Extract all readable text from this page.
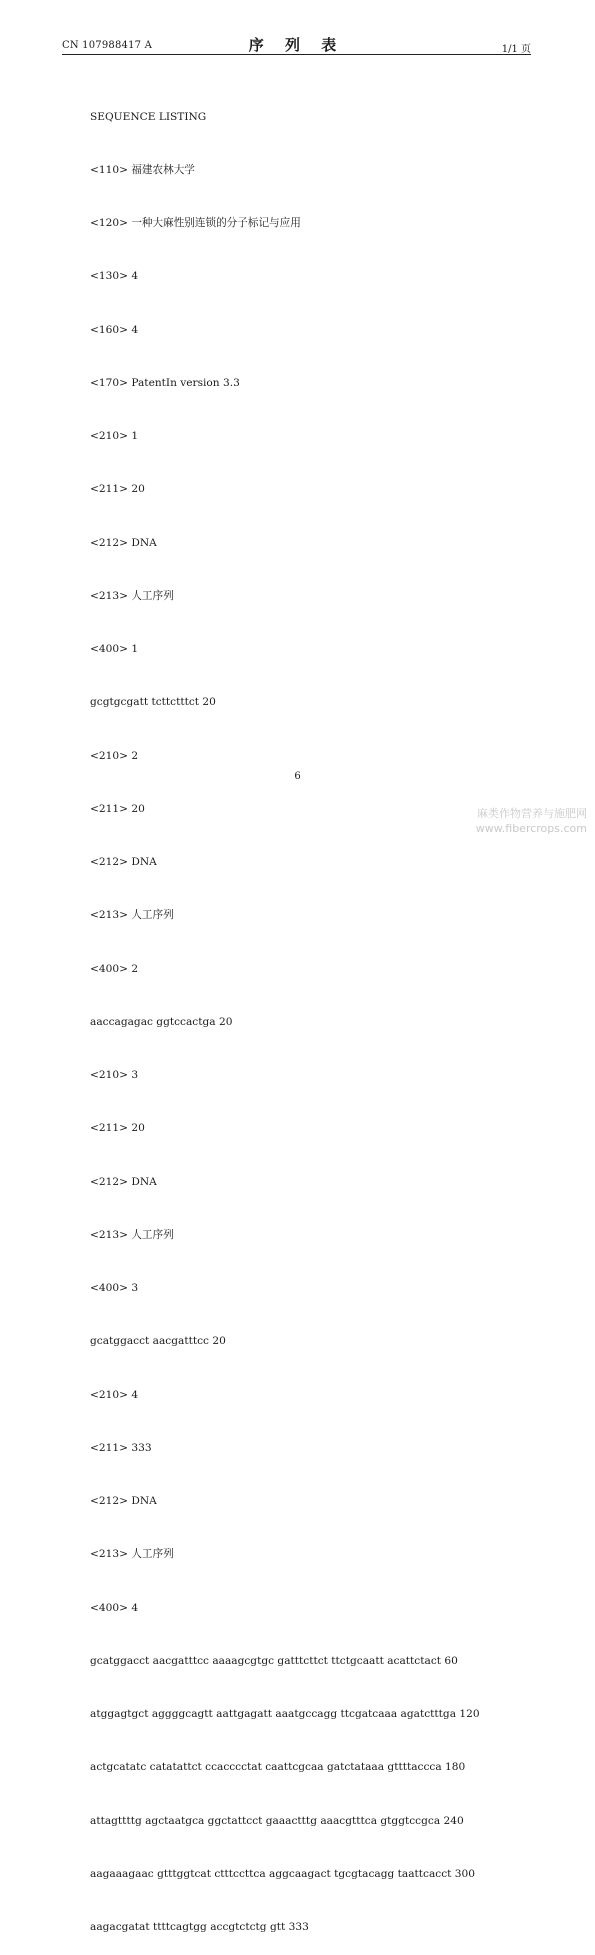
CN 107988417 A	序 列 表	1/1 页

SEQUENCE LISTING

<110> 福建农林大学

<120> 一种大麻性别连锁的分子标记与应用

<130> 4

<160> 4

<170> PatentIn version 3.3

<210> 1

<211> 20

<212> DNA

<213> 人工序列

<400> 1

gcgtgcgatt tcttctttct 20

<210> 2

<211> 20

<212> DNA

<213> 人工序列

<400> 2

aaccagagac ggtccactga 20

<210> 3

<211> 20

<212> DNA

<213> 人工序列

<400> 3

gcatggacct aacgatttcc 20

<210> 4

<211> 333

<212> DNA

<213> 人工序列

<400> 4

gcatggacct aacgatttcc aaaagcgtgc gatttcttct ttctgcaatt acattctact 60

atggagtgct aggggcagtt aattgagatt aaatgccagg ttcgatcaaa agatctttga 120

actgcatatc catatattct ccacccctat caattcgcaa gatctataaa gttttaccca 180

attagttttg agctaatgca ggctattcct gaaactttg aaacgtttca gtggtccgca 240

aagaaagaac gtttggtcat ctttccttca aggcaagact tgcgtacagg taattcacct 300

aagacgatat ttttcagtgg accgtctctg gtt 333

6
麻类作物营养与施肥网
www.fibercrops.com
